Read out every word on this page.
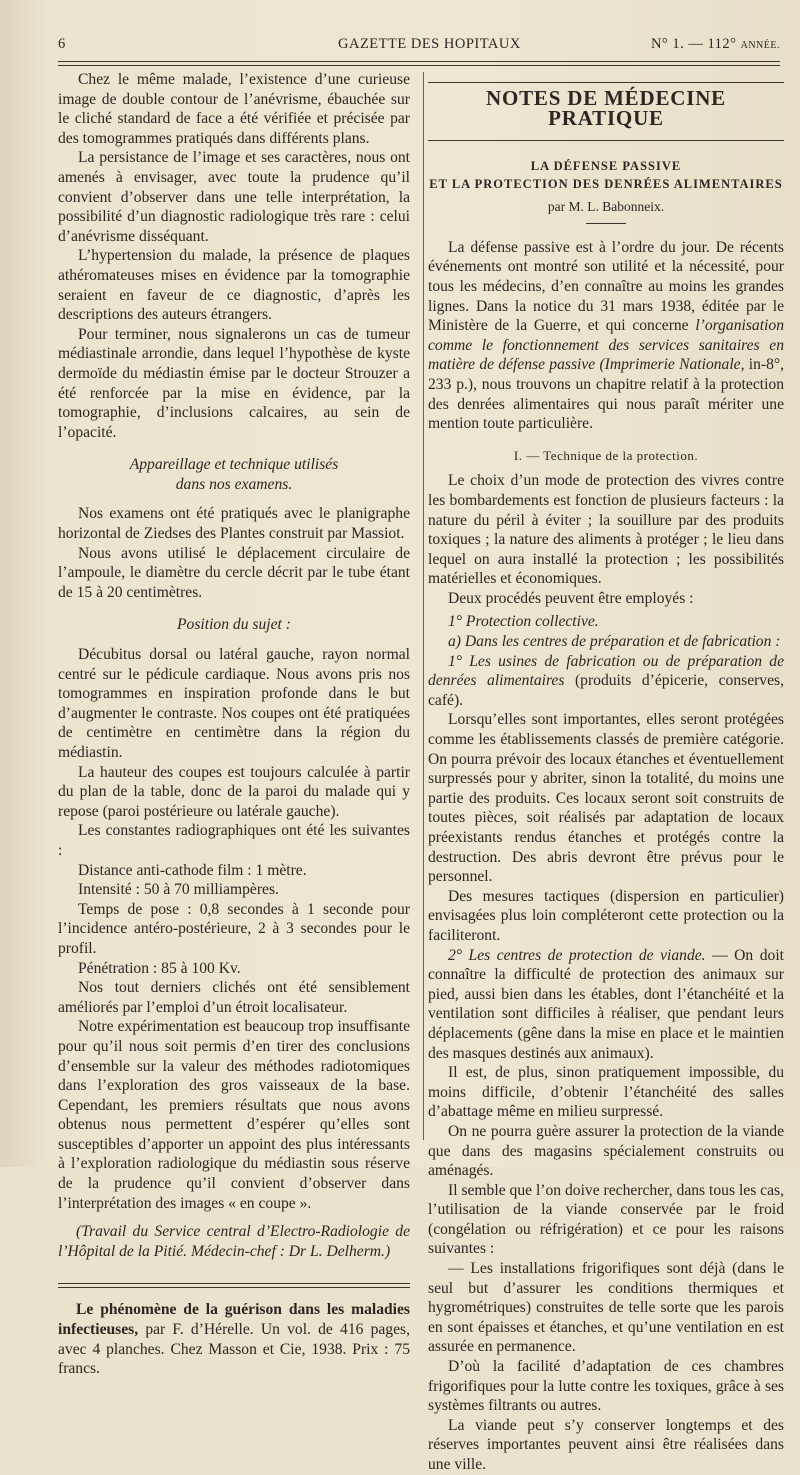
6	GAZETTE DES HOPITAUX	N° 1. — 112° ANNÉE.

Chez le même malade, l’existence d’une curieuse image de double contour de l’anévrisme, ébauchée sur le cliché standard de face a été vérifiée et précisée par des tomogrammes pratiqués dans différents plans.

La persistance de l’image et ses caractères, nous ont amenés à envisager, avec toute la prudence qu’il convient d’observer dans une telle interprétation, la possibilité d’un diagnostic radiologique très rare : celui d’anévrisme disséquant.

L’hypertension du malade, la présence de plaques athéromateuses mises en évidence par la tomographie seraient en faveur de ce diagnostic, d’après les descriptions des auteurs étrangers.

Pour terminer, nous signalerons un cas de tumeur médiastinale arrondie, dans lequel l’hypothèse de kyste dermoïde du médiastin émise par le docteur Strouzer a été renforcée par la mise en évidence, par la tomographie, d’inclusions calcaires, au sein de l’opacité.

Appareillage et technique utilisés dans nos examens.

Nos examens ont été pratiqués avec le planigraphe horizontal de Ziedses des Plantes construit par Massiot.

Nous avons utilisé le déplacement circulaire de l’ampoule, le diamètre du cercle décrit par le tube étant de 15 à 20 centimètres.

Position du sujet :

Décubitus dorsal ou latéral gauche, rayon normal centré sur le pédicule cardiaque. Nous avons pris nos tomogrammes en inspiration profonde dans le but d’augmenter le contraste. Nos coupes ont été pratiquées de centimètre en centimètre dans la région du médiastin.

La hauteur des coupes est toujours calculée à partir du plan de la table, donc de la paroi du malade qui y repose (paroi postérieure ou latérale gauche).

Les constantes radiographiques ont été les suivantes :

Distance anti-cathode film : 1 mètre.

Intensité : 50 à 70 milliampères.

Temps de pose : 0,8 secondes à 1 seconde pour l’incidence antéro-postérieure, 2 à 3 secondes pour le profil.

Pénétration : 85 à 100 Kv.

Nos tout derniers clichés ont été sensiblement améliorés par l’emploi d’un étroit localisateur.

Notre expérimentation est beaucoup trop insuffisante pour qu’il nous soit permis d’en tirer des conclusions d’ensemble sur la valeur des méthodes radiotomiques dans l’exploration des gros vaisseaux de la base. Cependant, les premiers résultats que nous avons obtenus nous permettent d’espérer qu’elles sont susceptibles d’apporter un appoint des plus intéressants à l’exploration radiologique du médiastin sous réserve de la prudence qu’il convient d’observer dans l’interprétation des images « en coupe ».

(Travail du Service central d’Electro-Radiologie de l’Hôpital de la Pitié. Médecin-chef : Dr L. Delherm.)

Le phénomène de la guérison dans les maladies infectieuses, par F. d’Hérelle. Un vol. de 416 pages, avec 4 planches. Chez Masson et Cie, 1938. Prix : 75 francs.

NOTES DE MÉDECINE PRATIQUE
LA DÉFENSE PASSIVE
ET LA PROTECTION DES DENRÉES ALIMENTAIRES
par M. L. Babonneix.

La défense passive est à l’ordre du jour. De récents événements ont montré son utilité et la nécessité, pour tous les médecins, d’en connaître au moins les grandes lignes. Dans la notice du 31 mars 1938, éditée par le Ministère de la Guerre, et qui concerne l’organisation comme le fonctionnement des services sanitaires en matière de défense passive (Imprimerie Nationale, in-8°, 233 p.), nous trouvons un chapitre relatif à la protection des denrées alimentaires qui nous paraît mériter une mention toute particulière.

I. — Technique de la protection.

Le choix d’un mode de protection des vivres contre les bombardements est fonction de plusieurs facteurs : la nature du péril à éviter ; la souillure par des produits toxiques ; la nature des aliments à protéger ; le lieu dans lequel on aura installé la protection ; les possibilités matérielles et économiques.

Deux procédés peuvent être employés :

1° Protection collective.

a) Dans les centres de préparation et de fabrication :

1° Les usines de fabrication ou de préparation de denrées alimentaires (produits d’épicerie, conserves, café).

Lorsqu’elles sont importantes, elles seront protégées comme les établissements classés de première catégorie. On pourra prévoir des locaux étanches et éventuellement surpressés pour y abriter, sinon la totalité, du moins une partie des produits. Ces locaux seront soit construits de toutes pièces, soit réalisés par adaptation de locaux préexistants rendus étanches et protégés contre la destruction. Des abris devront être prévus pour le personnel.

Des mesures tactiques (dispersion en particulier) envisagées plus loin compléteront cette protection ou la faciliteront.

2° Les centres de protection de viande. — On doit connaître la difficulté de protection des animaux sur pied, aussi bien dans les étables, dont l’étanchéité et la ventilation sont difficiles à réaliser, que pendant leurs déplacements (gêne dans la mise en place et le maintien des masques destinés aux animaux).

Il est, de plus, sinon pratiquement impossible, du moins difficile, d’obtenir l’étanchéité des salles d’abattage même en milieu surpressé.

On ne pourra guère assurer la protection de la viande que dans des magasins spécialement construits ou aménagés.

Il semble que l’on doive rechercher, dans tous les cas, l’utilisation de la viande conservée par le froid (congélation ou réfrigération) et ce pour les raisons suivantes :

— Les installations frigorifiques sont déjà (dans le seul but d’assurer les conditions thermiques et hygrométriques) construites de telle sorte que les parois en sont épaisses et étanches, et qu’une ventilation en est assurée en permanence.

D’où la facilité d’adaptation de ces chambres frigorifiques pour la lutte contre les toxiques, grâce à ses systèmes filtrants ou autres.

La viande peut s’y conserver longtemps et des réserves importantes peuvent ainsi être réalisées dans une ville.
